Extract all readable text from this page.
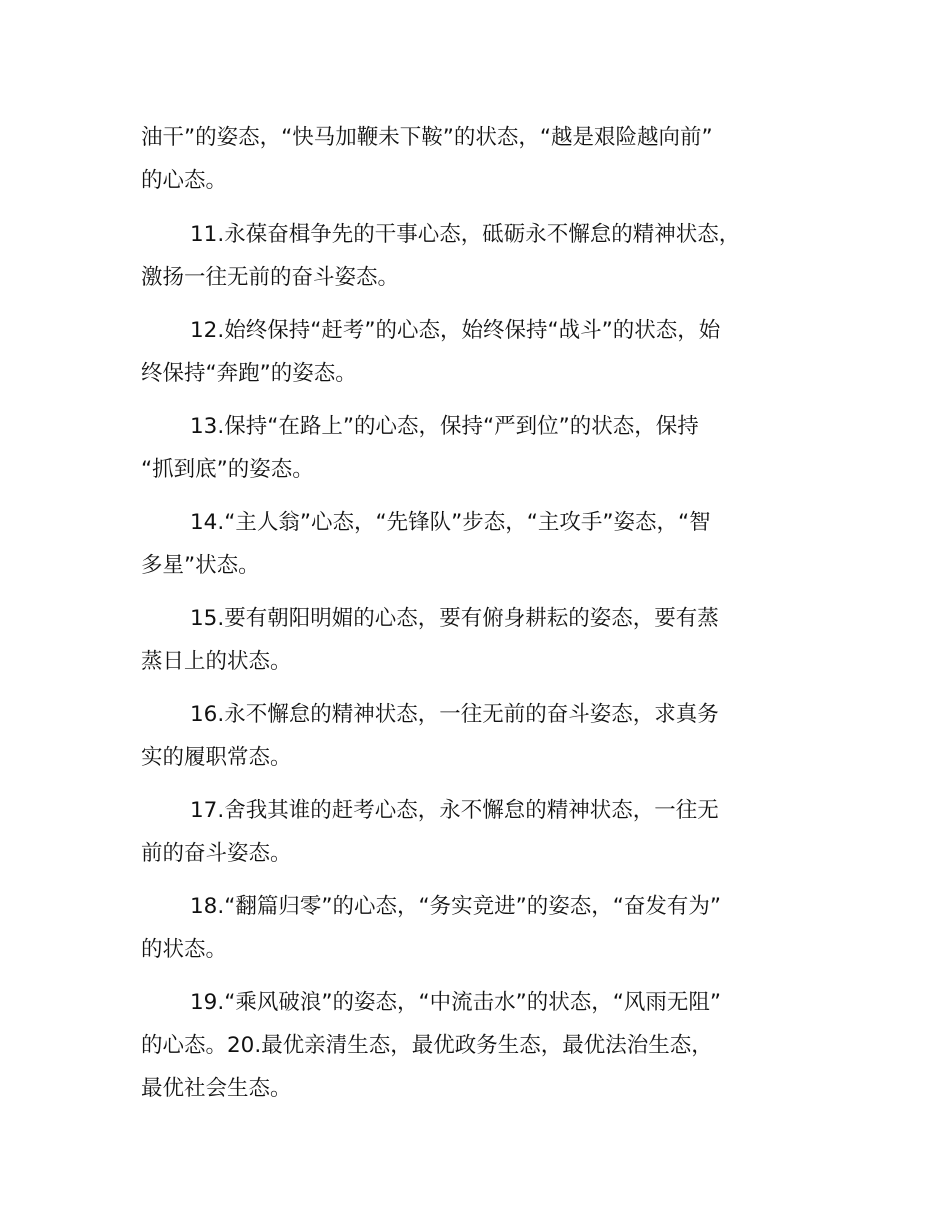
油干”的姿态，“快马加鞭未下鞍”的状态，“越是艰险越向前”
的心态。
11.永葆奋楫争先的干事心态，砥砺永不懈怠的精神状态，
激扬一往无前的奋斗姿态。
12.始终保持“赶考”的心态，始终保持“战斗”的状态，始
终保持“奔跑”的姿态。
13.保持“在路上”的心态，保持“严到位”的状态，保持
“抓到底”的姿态。
14.“主人翁”心态，“先锋队”步态，“主攻手”姿态，“智
多星”状态。
15.要有朝阳明媚的心态，要有俯身耕耘的姿态，要有蒸
蒸日上的状态。
16.永不懈怠的精神状态，一往无前的奋斗姿态，求真务
实的履职常态。
17.舍我其谁的赶考心态，永不懈怠的精神状态，一往无
前的奋斗姿态。
18.“翻篇归零”的心态，“务实竞进”的姿态，“奋发有为”
的状态。
19.“乘风破浪”的姿态，“中流击水”的状态，“风雨无阻”
的心态。20.最优亲清生态，最优政务生态，最优法治生态，
最优社会生态。
